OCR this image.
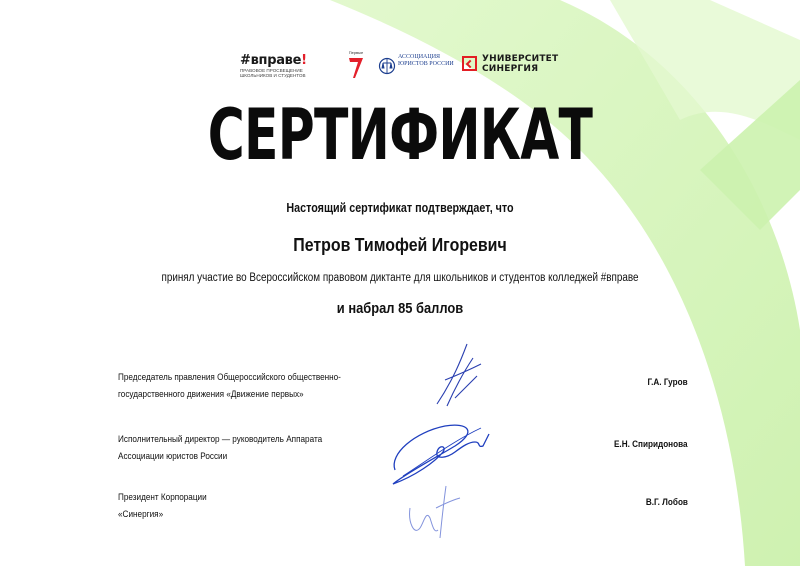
#вправе!
ПРАВОВОЕ ПРОСВЕЩЕНИЕ ШКОЛЬНИКОВ И СТУДЕНТОВ
Первые
АССОЦИАЦИЯ ЮРИСТОВ РОССИИ	УНИВЕРСИТЕТ
СИНЕРГИЯ
СЕРТИФИКАТ
Настоящий сертификат подтверждает, что
Петров Тимофей Игоревич
принял участие во Всероссийском правовом диктанте для школьников и студентов колледжей #вправе
и набрал 85 баллов
Председатель правления Общероссийского общественно-
государственного движения «Движение первых»
Г.А. Гуров
Исполнительный директор — руководитель Аппарата
Ассоциации юристов России
Е.Н. Спиридонова
Президент Корпорации
«Синергия»
В.Г. Лобов
